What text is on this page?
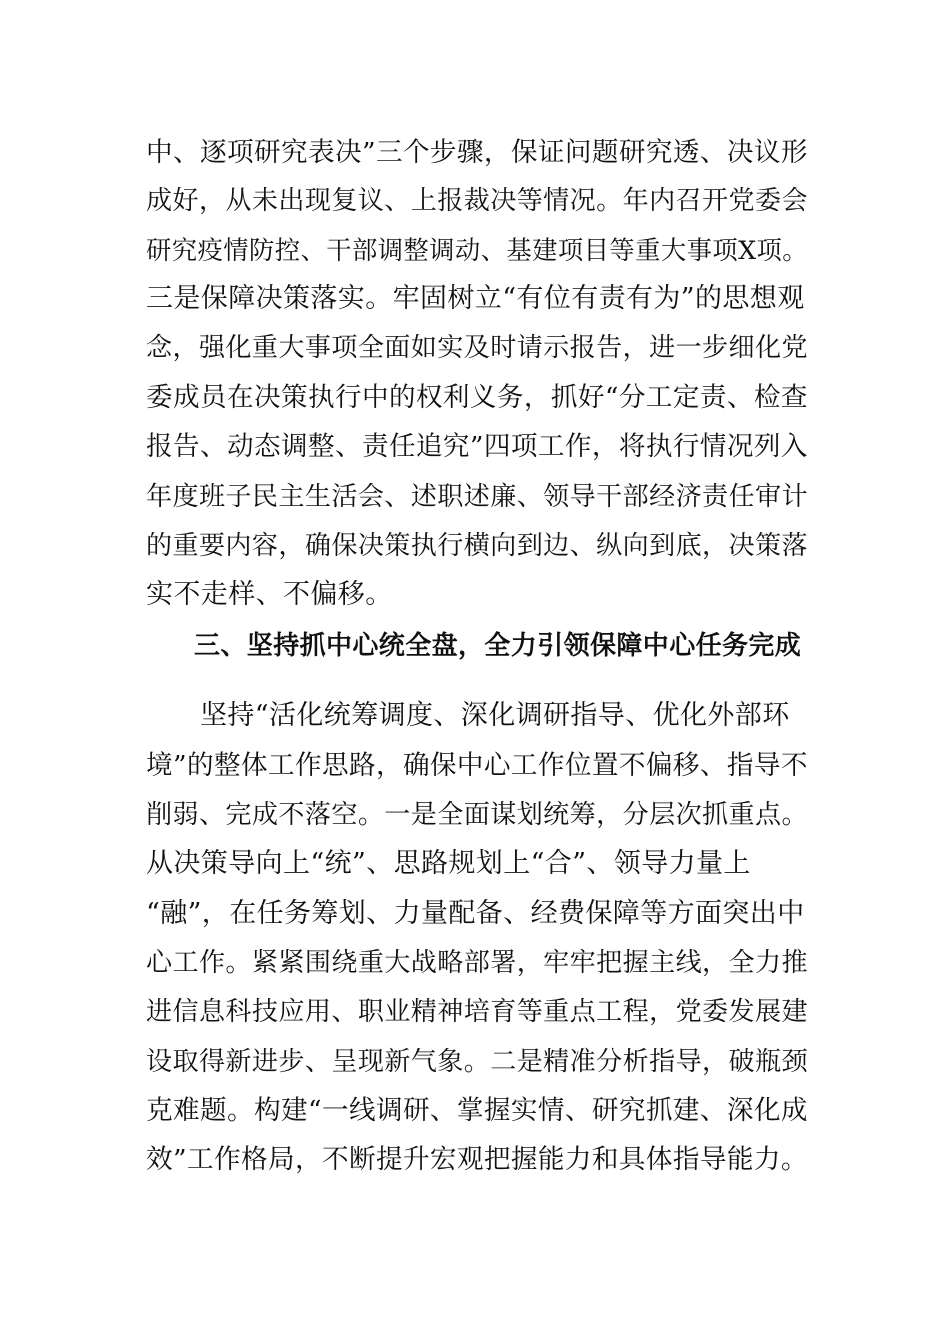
中、逐项研究表决”三个步骤，保证问题研究透、决议形
成好，从未出现复议、上报裁决等情况。年内召开党委会
研究疫情防控、干部调整调动、基建项目等重大事项X项。
三是保障决策落实。牢固树立“有位有责有为”的思想观
念，强化重大事项全面如实及时请示报告，进一步细化党
委成员在决策执行中的权利义务，抓好“分工定责、检查
报告、动态调整、责任追究”四项工作，将执行情况列入
年度班子民主生活会、述职述廉、领导干部经济责任审计
的重要内容，确保决策执行横向到边、纵向到底，决策落
实不走样、不偏移。
三、坚持抓中心统全盘，全力引领保障中心任务完成
坚持“活化统筹调度、深化调研指导、优化外部环
境”的整体工作思路，确保中心工作位置不偏移、指导不
削弱、完成不落空。一是全面谋划统筹，分层次抓重点。
从决策导向上“统”、思路规划上“合”、领导力量上
“融”，在任务筹划、力量配备、经费保障等方面突出中
心工作。紧紧围绕重大战略部署，牢牢把握主线，全力推
进信息科技应用、职业精神培育等重点工程，党委发展建
设取得新进步、呈现新气象。二是精准分析指导，破瓶颈
克难题。构建“一线调研、掌握实情、研究抓建、深化成
效”工作格局，不断提升宏观把握能力和具体指导能力。
